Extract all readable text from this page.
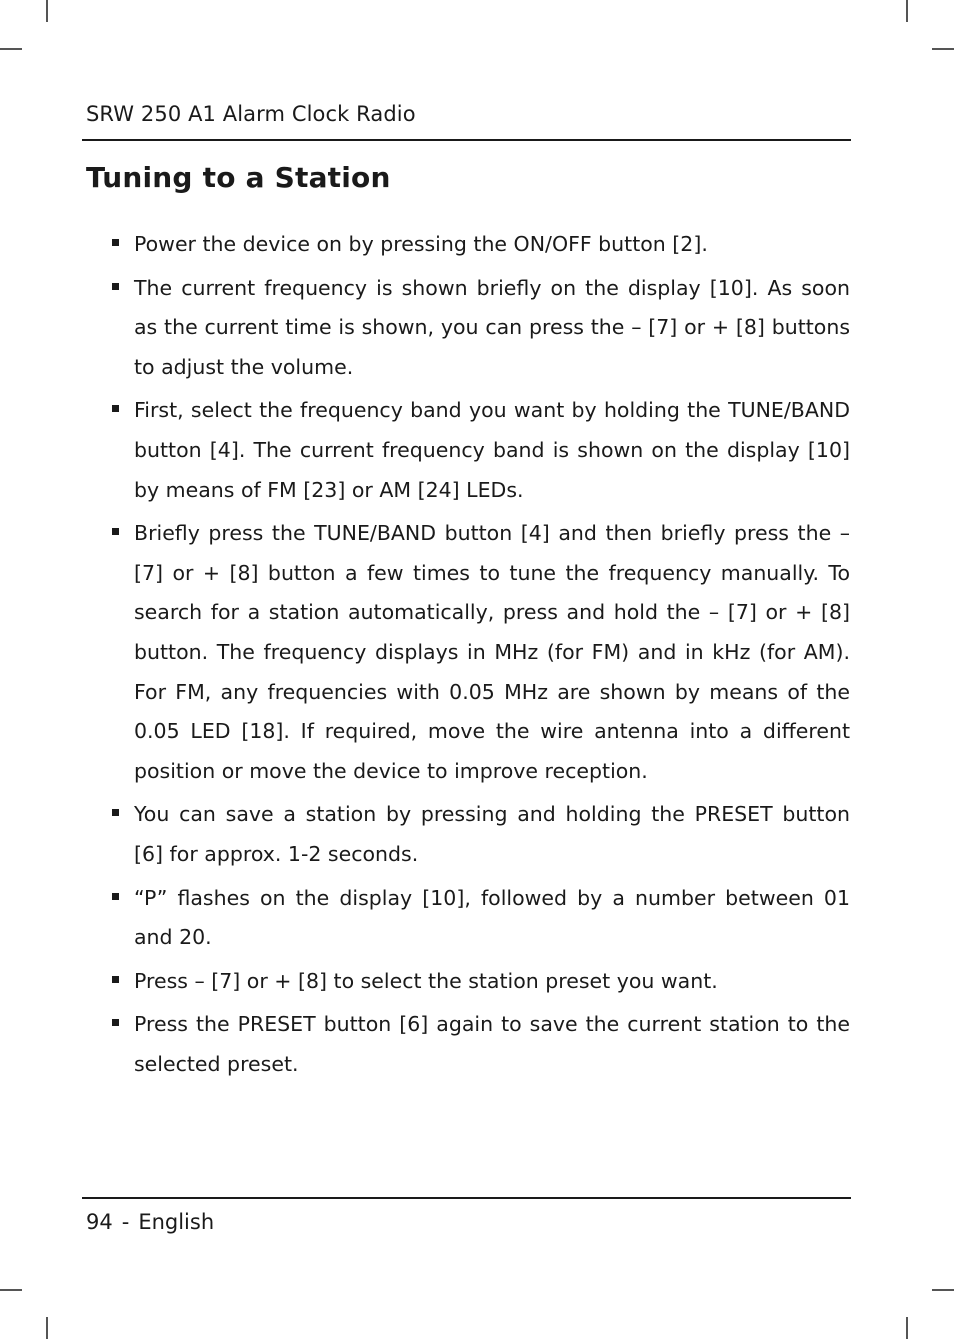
SRW 250 A1 Alarm Clock Radio
Tuning to a Station
Power the device on by pressing the ON/OFF button [2].
The current frequency is shown briefly on the display [10]. As soon as the current time is shown, you can press the – [7] or + [8] buttons to adjust the volume.
First, select the frequency band you want by holding the TUNE/BAND button [4]. The current frequency band is shown on the display [10] by means of FM [23] or AM [24] LEDs.
Briefly press the TUNE/BAND button [4] and then briefly press the – [7] or + [8] button a few times to tune the frequency manually. To search for a station automatically, press and hold the – [7] or + [8] button. The frequency displays in MHz (for FM) and in kHz (for AM). For FM, any frequencies with 0.05 MHz are shown by means of the 0.05 LED [18]. If required, move the wire antenna into a different position or move the device to improve reception.
You can save a station by pressing and holding the PRESET button [6] for approx. 1-2 seconds.
“P” flashes on the display [10], followed by a number between 01 and 20.
Press – [7] or + [8] to select the station preset you want.
Press the PRESET button [6] again to save the current station to the selected preset.
94 - English
